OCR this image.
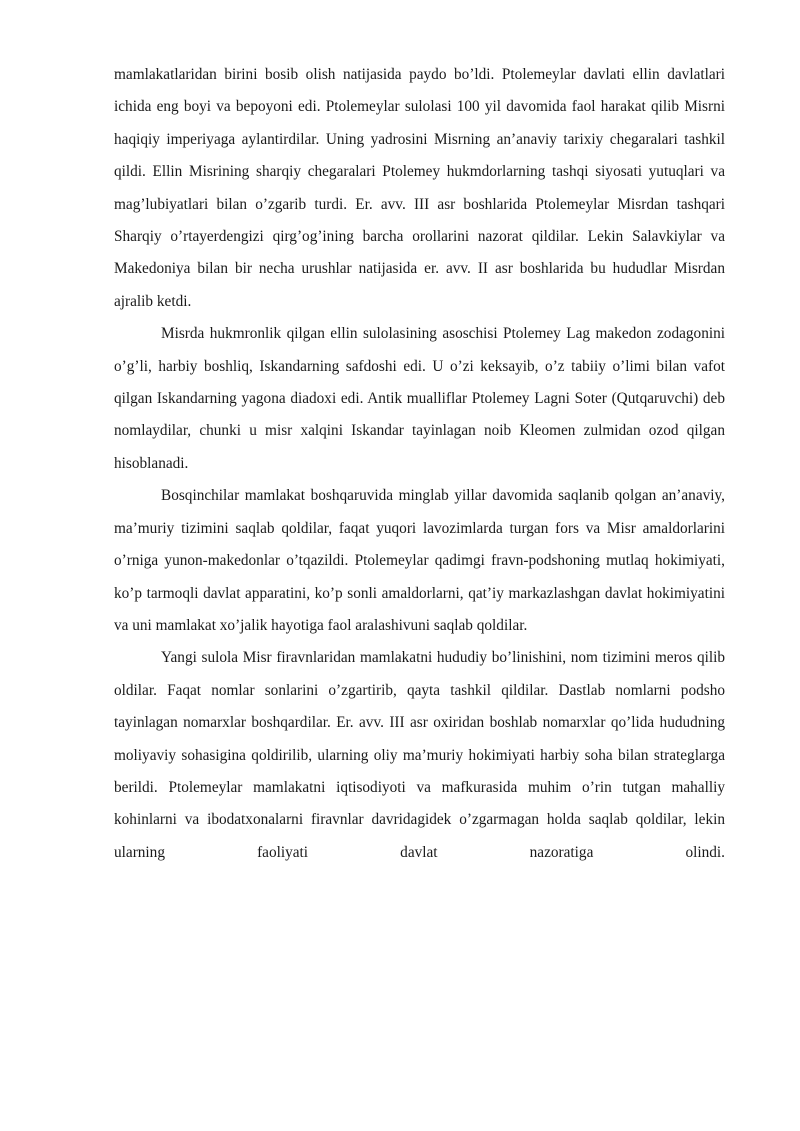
mamlakatlaridan birini bosib olish natijasida paydo bo’ldi. Ptolemeylar davlati ellin davlatlari ichida eng boyi va bepoyoni edi. Ptolemeylar sulolasi 100 yil davomida faol harakat qilib Misrni haqiqiy imperiyaga aylantirdilar. Uning yadrosini Misrning an’anaviy tarixiy chegaralari tashkil qildi. Ellin Misrining sharqiy chegaralari Ptolemey hukmdorlarning tashqi siyosati yutuqlari va mag’lubiyatlari bilan o’zgarib turdi. Er. avv. III asr boshlarida Ptolemeylar Misrdan tashqari Sharqiy o’rtayerdengizi qirg’og’ining barcha orollarini nazorat qildilar. Lekin Salavkiylar va Makedoniya bilan bir necha urushlar natijasida er. avv. II asr boshlarida bu hududlar Misrdan ajralib ketdi.

Misrda hukmronlik qilgan ellin sulolasining asoschisi Ptolemey Lag makedon zodagonini o’g’li, harbiy boshliq, Iskandarning safdoshi edi. U o’zi keksayib, o’z tabiiy o’limi bilan vafot qilgan Iskandarning yagona diadoxi edi. Antik mualliflar Ptolemey Lagni Soter (Qutqaruvchi) deb nomlaydilar, chunki u misr xalqini Iskandar tayinlagan noib Kleomen zulmidan ozod qilgan hisoblanadi.

Bosqinchilar mamlakat boshqaruvida minglab yillar davomida saqlanib qolgan an’anaviy, ma’muriy tizimini saqlab qoldilar, faqat yuqori lavozimlarda turgan fors va Misr amaldorlarini o’rniga yunon-makedonlar o’tqazildi. Ptolemeylar qadimgi fravn-podshoning mutlaq hokimiyati, ko’p tarmoqli davlat apparatini, ko’p sonli amaldorlarni, qat’iy markazlashgan davlat hokimiyatini va uni mamlakat xo’jalik hayotiga faol aralashivuni saqlab qoldilar.

Yangi sulola Misr firavnlaridan mamlakatni hududiy bo’linishini, nom tizimini meros qilib oldilar. Faqat nomlar sonlarini o’zgartirib, qayta tashkil qildilar. Dastlab nomlarni podsho tayinlagan nomarxlar boshqardilar. Er. avv. III asr oxiridan boshlab nomarxlar qo’lida hududning moliyaviy sohasigina qoldirilib, ularning oliy ma’muriy hokimiyati harbiy soha bilan strateglarga berildi. Ptolemeylar mamlakatni iqtisodiyoti va mafkurasida muhim o’rin tutgan mahalliy kohinlarni va ibodatxonalarni firavnlar davridagidek o’zgarmagan holda saqlab qoldilar, lekin ularning faoliyati davlat nazoratiga olindi.
